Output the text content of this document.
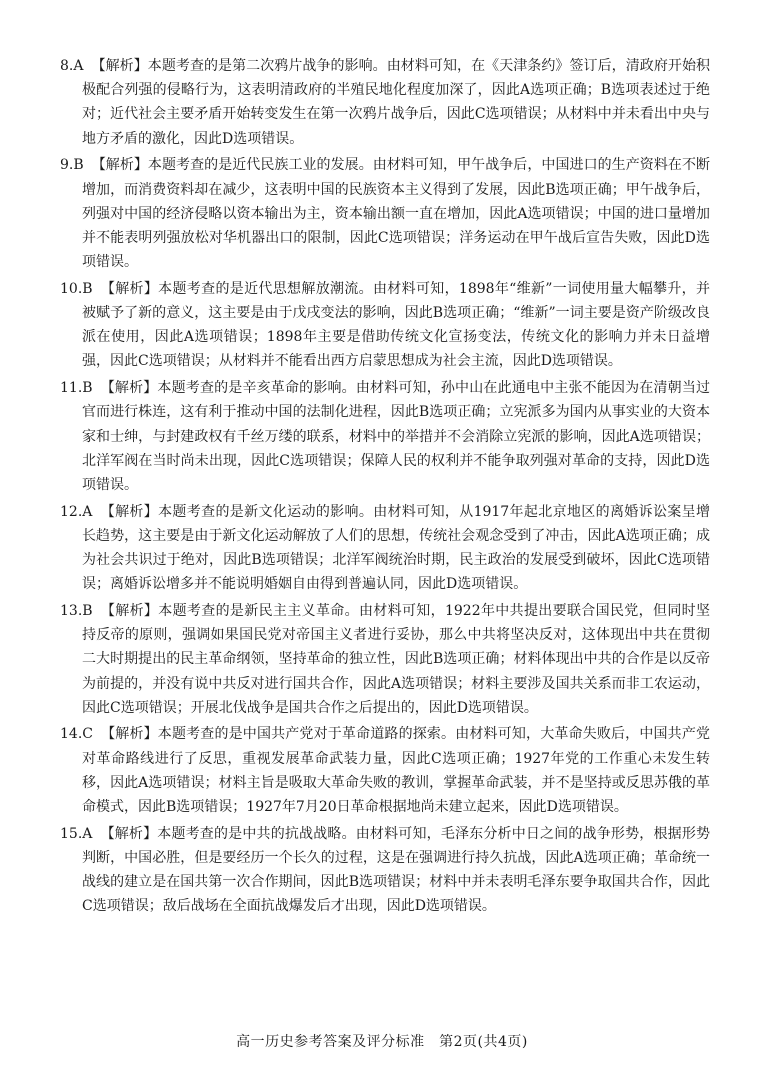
8.A 【解析】本题考查的是第二次鸦片战争的影响。由材料可知，在《天津条约》签订后，清政府开始积极配合列强的侵略行为，这表明清政府的半殖民地化程度加深了，因此A选项正确；B选项表述过于绝对；近代社会主要矛盾开始转变发生在第一次鸦片战争后，因此C选项错误；从材料中并未看出中央与地方矛盾的激化，因此D选项错误。
9.B 【解析】本题考查的是近代民族工业的发展。由材料可知，甲午战争后，中国进口的生产资料在不断增加，而消费资料却在减少，这表明中国的民族资本主义得到了发展，因此B选项正确；甲午战争后，列强对中国的经济侵略以资本输出为主，资本输出额一直在增加，因此A选项错误；中国的进口量增加并不能表明列强放松对华机器出口的限制，因此C选项错误；洋务运动在甲午战后宣告失败，因此D选项错误。
10.B 【解析】本题考查的是近代思想解放潮流。由材料可知，1898年“维新”一词使用量大幅攀升，并被赋予了新的意义，这主要是由于戊戌变法的影响，因此B选项正确；“维新”一词主要是资产阶级改良派在使用，因此A选项错误；1898年主要是借助传统文化宣扬变法，传统文化的影响力并未日益增强，因此C选项错误；从材料并不能看出西方启蒙思想成为社会主流，因此D选项错误。
11.B 【解析】本题考查的是辛亥革命的影响。由材料可知，孙中山在此通电中主张不能因为在清朝当过官而进行株连，这有利于推动中国的法制化进程，因此B选项正确；立宪派多为国内从事实业的大资本家和士绅，与封建政权有千丝万缕的联系，材料中的举措并不会消除立宪派的影响，因此A选项错误；北洋军阀在当时尚未出现，因此C选项错误；保障人民的权利并不能争取列强对革命的支持，因此D选项错误。
12.A 【解析】本题考查的是新文化运动的影响。由材料可知，从1917年起北京地区的离婚诉讼案呈增长趋势，这主要是由于新文化运动解放了人们的思想，传统社会观念受到了冲击，因此A选项正确；成为社会共识过于绝对，因此B选项错误；北洋军阀统治时期，民主政治的发展受到破坏，因此C选项错误；离婚诉讼增多并不能说明婚姻自由得到普遍认同，因此D选项错误。
13.B 【解析】本题考查的是新民主主义革命。由材料可知，1922年中共提出要联合国民党，但同时坚持反帝的原则，强调如果国民党对帝国主义者进行妥协，那么中共将坚决反对，这体现出中共在贯彻二大时期提出的民主革命纲领，坚持革命的独立性，因此B选项正确；材料体现出中共的合作是以反帝为前提的，并没有说中共反对进行国共合作，因此A选项错误；材料主要涉及国共关系而非工农运动，因此C选项错误；开展北伐战争是国共合作之后提出的，因此D选项错误。
14.C 【解析】本题考查的是中国共产党对于革命道路的探索。由材料可知，大革命失败后，中国共产党对革命路线进行了反思，重视发展革命武装力量，因此C选项正确；1927年党的工作重心未发生转移，因此A选项错误；材料主旨是吸取大革命失败的教训，掌握革命武装，并不是坚持或反思苏俄的革命模式，因此B选项错误；1927年7月20日革命根据地尚未建立起来，因此D选项错误。
15.A 【解析】本题考查的是中共的抗战战略。由材料可知，毛泽东分析中日之间的战争形势，根据形势判断，中国必胜，但是要经历一个长久的过程，这是在强调进行持久抗战，因此A选项正确；革命统一战线的建立是在国共第一次合作期间，因此B选项错误；材料中并未表明毛泽东要争取国共合作，因此C选项错误；敌后战场在全面抗战爆发后才出现，因此D选项错误。
高一历史参考答案及评分标准　第2页(共4页)
